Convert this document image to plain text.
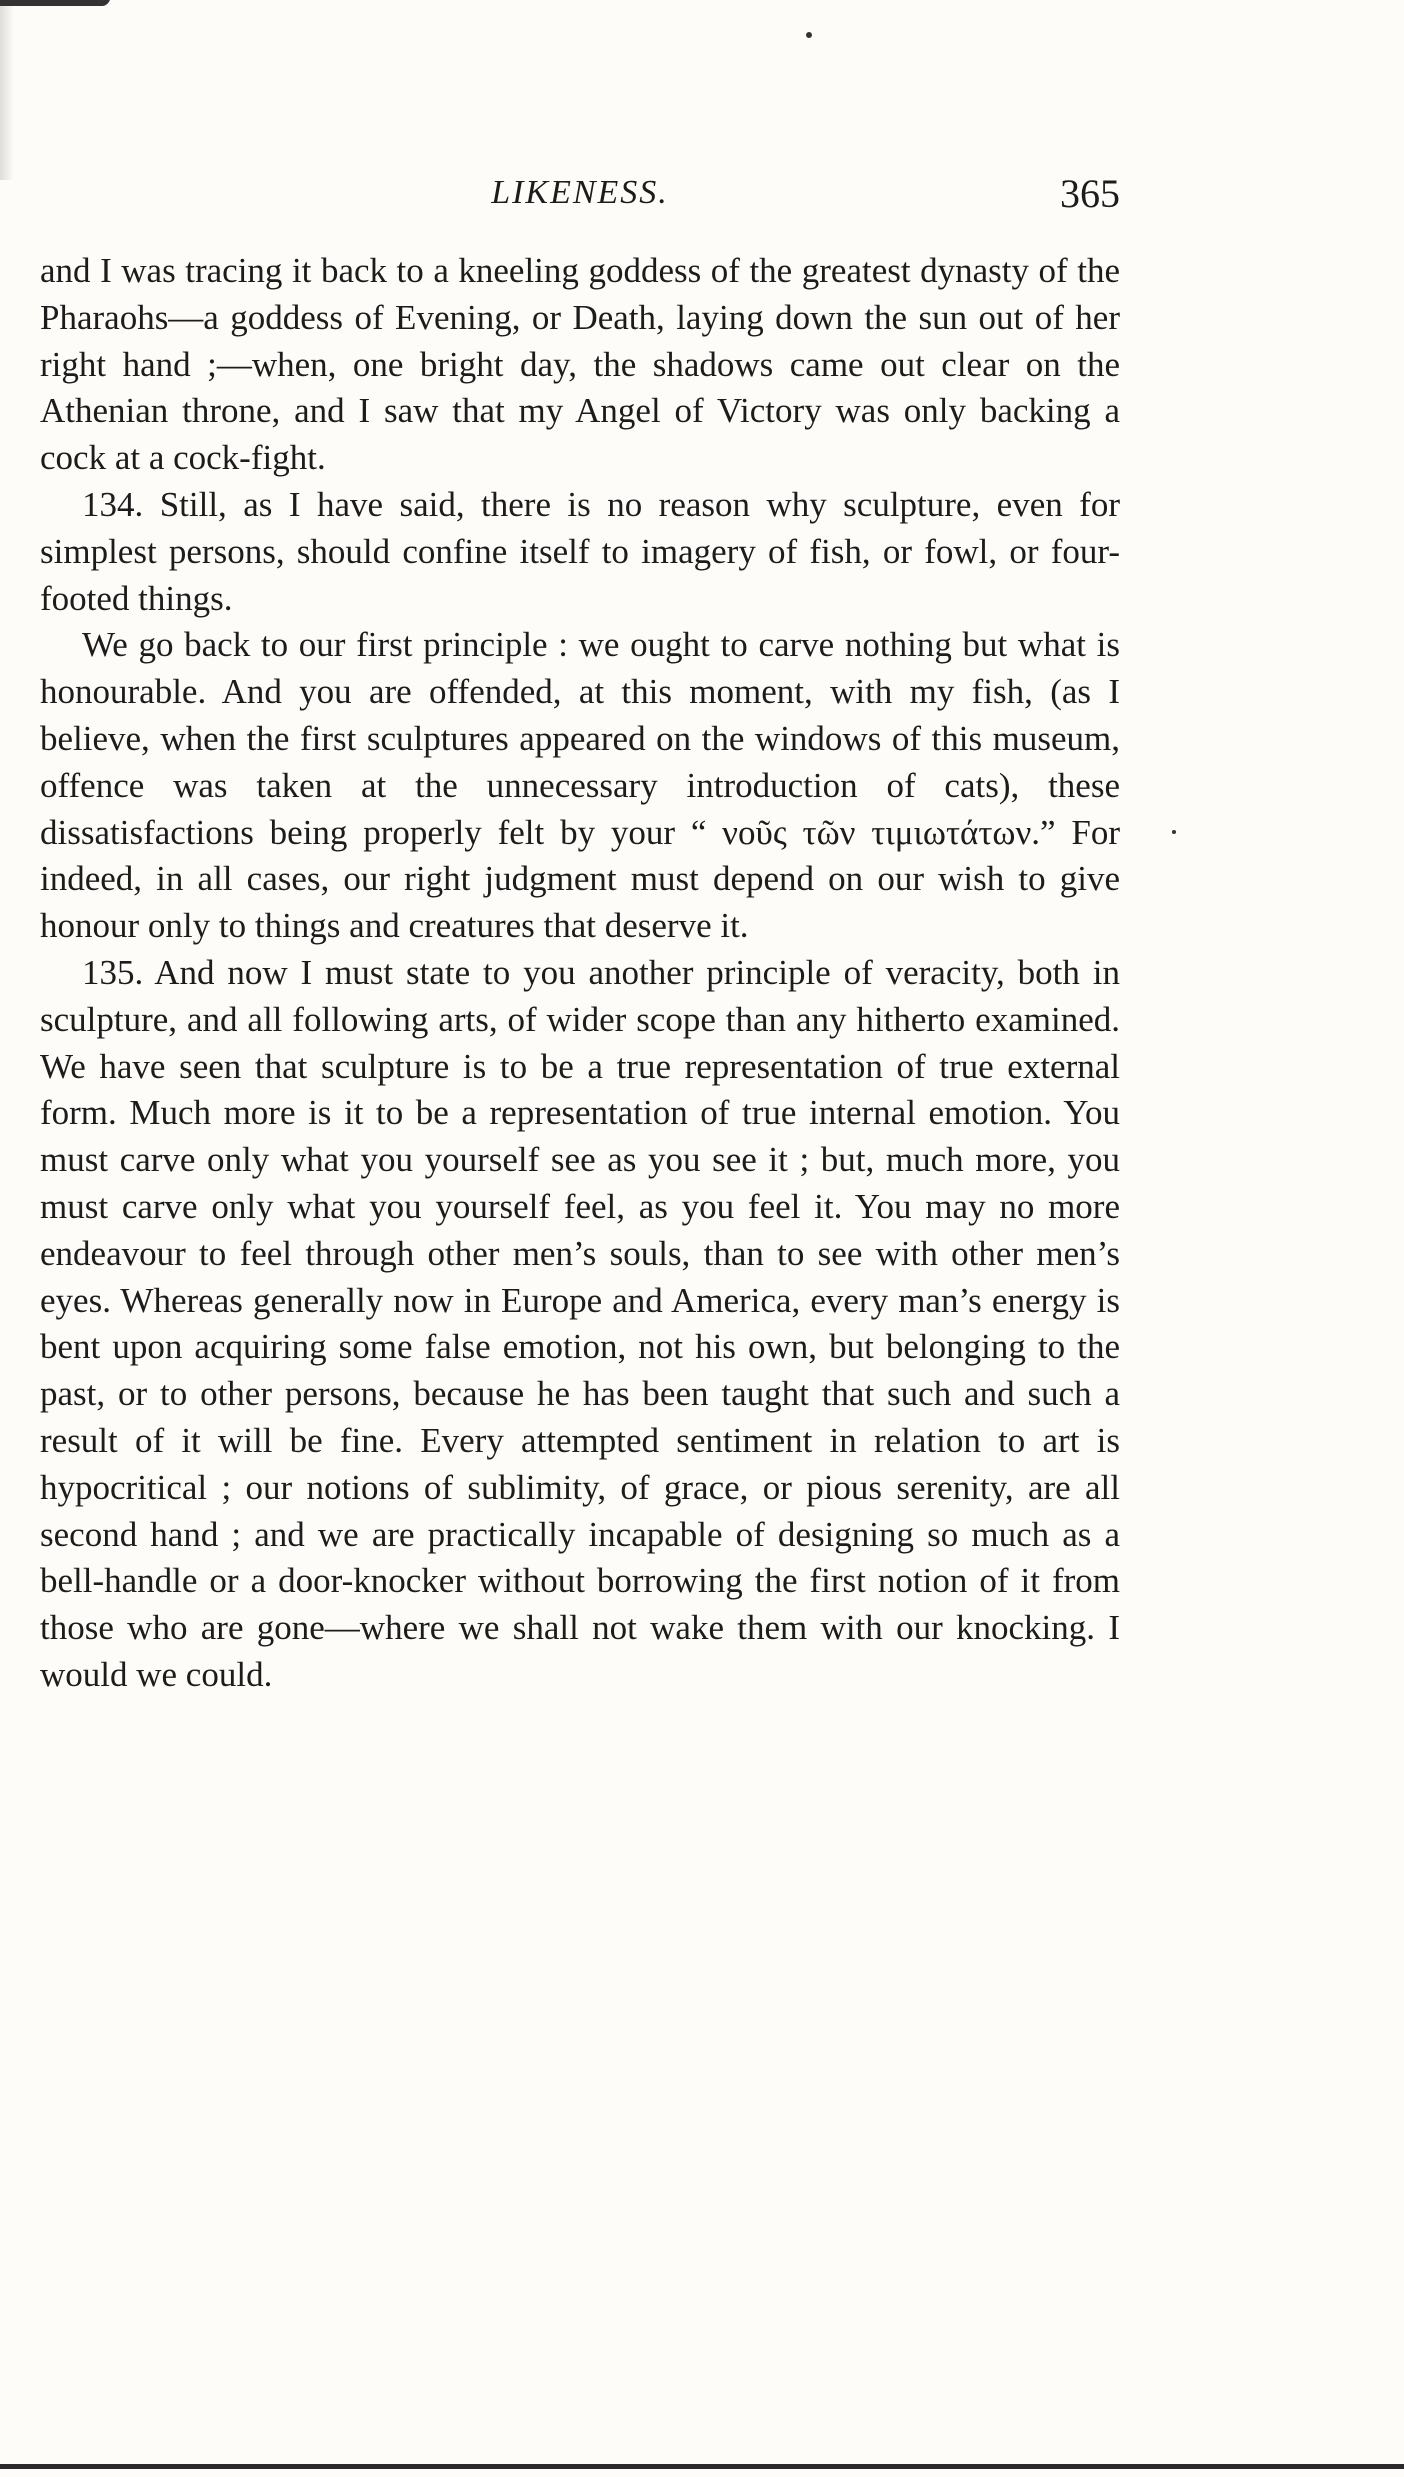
LIKENESS.	365

and I was tracing it back to a kneeling goddess of the greatest dynasty of the Pharaohs—a goddess of Evening, or Death, laying down the sun out of her right hand ;—when, one bright day, the shadows came out clear on the Athenian throne, and I saw that my Angel of Victory was only backing a cock at a cock-fight.

134. Still, as I have said, there is no reason why sculpture, even for simplest persons, should confine itself to imagery of fish, or fowl, or four-footed things.

We go back to our first principle : we ought to carve nothing but what is honourable. And you are offended, at this moment, with my fish, (as I believe, when the first sculptures appeared on the windows of this museum, offence was taken at the unnecessary introduction of cats), these dissatisfactions being properly felt by your “ νοῦς τῶν τιμιωτάτων.” For indeed, in all cases, our right judgment must depend on our wish to give honour only to things and creatures that deserve it.

135. And now I must state to you another principle of veracity, both in sculpture, and all following arts, of wider scope than any hitherto examined. We have seen that sculpture is to be a true representation of true external form. Much more is it to be a representation of true internal emotion. You must carve only what you yourself see as you see it ; but, much more, you must carve only what you yourself feel, as you feel it. You may no more endeavour to feel through other men’s souls, than to see with other men’s eyes. Whereas generally now in Europe and America, every man’s energy is bent upon acquiring some false emotion, not his own, but belonging to the past, or to other persons, because he has been taught that such and such a result of it will be fine. Every attempted sentiment in relation to art is hypocritical ; our notions of sublimity, of grace, or pious serenity, are all second hand ; and we are practically incapable of designing so much as a bell-handle or a door-knocker without borrowing the first notion of it from those who are gone—where we shall not wake them with our knocking. I would we could.
